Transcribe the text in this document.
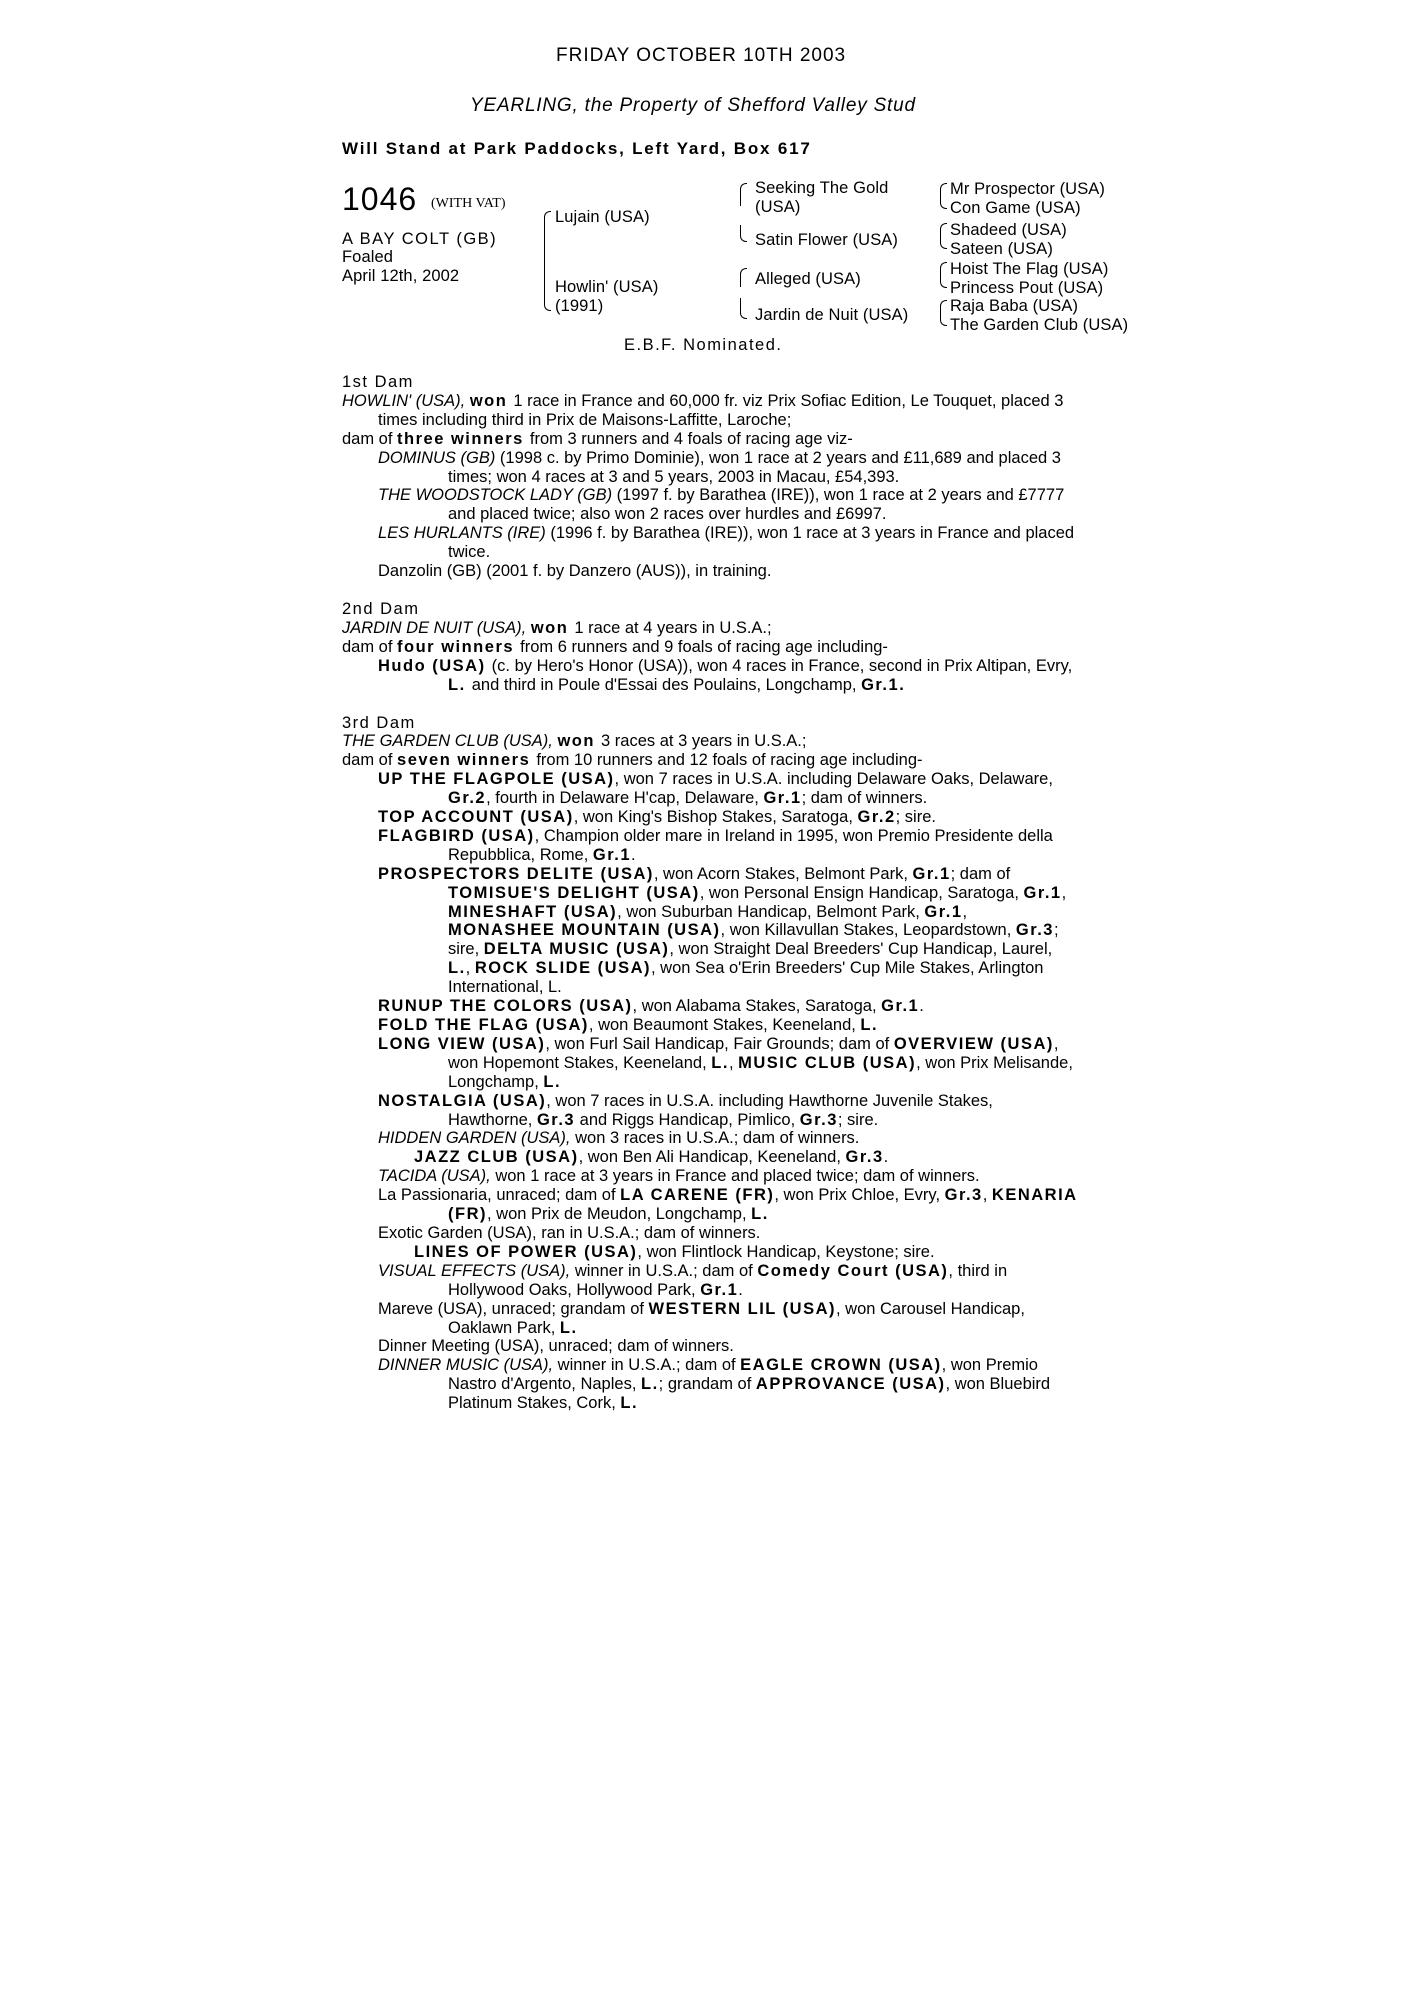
FRIDAY OCTOBER 10TH 2003
YEARLING, the Property of Shefford Valley Stud
Will Stand at Park Paddocks, Left Yard, Box 617
1046 (WITH VAT)
A BAY COLT (GB)
Foaled
April 12th, 2002
Lujain (USA)
Howlin' (USA)
(1991)
Seeking The Gold
(USA)
Satin Flower (USA)
Alleged (USA)
Jardin de Nuit (USA)
Mr Prospector (USA)
Con Game (USA)
Shadeed (USA)
Sateen (USA)
Hoist The Flag (USA)
Princess Pout (USA)
Raja Baba (USA)
The Garden Club (USA)
E.B.F. Nominated.

1st Dam

HOWLIN' (USA), won 1 race in France and 60,000 fr. viz Prix Sofiac Edition, Le Touquet, placed 3 times including third in Prix de Maisons-Laffitte, Laroche;

dam of three winners from 3 runners and 4 foals of racing age viz-

DOMINUS (GB) (1998 c. by Primo Dominie), won 1 race at 2 years and £11,689 and placed 3 times; won 4 races at 3 and 5 years, 2003 in Macau, £54,393.

THE WOODSTOCK LADY (GB) (1997 f. by Barathea (IRE)), won 1 race at 2 years and £7777 and placed twice; also won 2 races over hurdles and £6997.

LES HURLANTS (IRE) (1996 f. by Barathea (IRE)), won 1 race at 3 years in France and placed twice.

Danzolin (GB) (2001 f. by Danzero (AUS)), in training.

2nd Dam

JARDIN DE NUIT (USA), won 1 race at 4 years in U.S.A.;

dam of four winners from 6 runners and 9 foals of racing age including-

Hudo (USA) (c. by Hero's Honor (USA)), won 4 races in France, second in Prix Altipan, Evry, L. and third in Poule d'Essai des Poulains, Longchamp, Gr.1.

3rd Dam

THE GARDEN CLUB (USA), won 3 races at 3 years in U.S.A.;

dam of seven winners from 10 runners and 12 foals of racing age including-

UP THE FLAGPOLE (USA), won 7 races in U.S.A. including Delaware Oaks, Delaware, Gr.2, fourth in Delaware H'cap, Delaware, Gr.1; dam of winners.

TOP ACCOUNT (USA), won King's Bishop Stakes, Saratoga, Gr.2; sire.

FLAGBIRD (USA), Champion older mare in Ireland in 1995, won Premio Presidente della Repubblica, Rome, Gr.1.

PROSPECTORS DELITE (USA), won Acorn Stakes, Belmont Park, Gr.1; dam of TOMISUE'S DELIGHT (USA), won Personal Ensign Handicap, Saratoga, Gr.1, MINESHAFT (USA), won Suburban Handicap, Belmont Park, Gr.1, MONASHEE MOUNTAIN (USA), won Killavullan Stakes, Leopardstown, Gr.3; sire, DELTA MUSIC (USA), won Straight Deal Breeders' Cup Handicap, Laurel, L., ROCK SLIDE (USA), won Sea o'Erin Breeders' Cup Mile Stakes, Arlington International, L.

RUNUP THE COLORS (USA), won Alabama Stakes, Saratoga, Gr.1.

FOLD THE FLAG (USA), won Beaumont Stakes, Keeneland, L.

LONG VIEW (USA), won Furl Sail Handicap, Fair Grounds; dam of OVERVIEW (USA), won Hopemont Stakes, Keeneland, L., MUSIC CLUB (USA), won Prix Melisande, Longchamp, L.

NOSTALGIA (USA), won 7 races in U.S.A. including Hawthorne Juvenile Stakes, Hawthorne, Gr.3 and Riggs Handicap, Pimlico, Gr.3; sire.

HIDDEN GARDEN (USA), won 3 races in U.S.A.; dam of winners.

JAZZ CLUB (USA), won Ben Ali Handicap, Keeneland, Gr.3.

TACIDA (USA), won 1 race at 3 years in France and placed twice; dam of winners.

La Passionaria, unraced; dam of LA CARENE (FR), won Prix Chloe, Evry, Gr.3, KENARIA (FR), won Prix de Meudon, Longchamp, L.

Exotic Garden (USA), ran in U.S.A.; dam of winners.

LINES OF POWER (USA), won Flintlock Handicap, Keystone; sire.

VISUAL EFFECTS (USA), winner in U.S.A.; dam of Comedy Court (USA), third in Hollywood Oaks, Hollywood Park, Gr.1.

Mareve (USA), unraced; grandam of WESTERN LIL (USA), won Carousel Handicap, Oaklawn Park, L.

Dinner Meeting (USA), unraced; dam of winners.

DINNER MUSIC (USA), winner in U.S.A.; dam of EAGLE CROWN (USA), won Premio Nastro d'Argento, Naples, L.; grandam of APPROVANCE (USA), won Bluebird Platinum Stakes, Cork, L.
